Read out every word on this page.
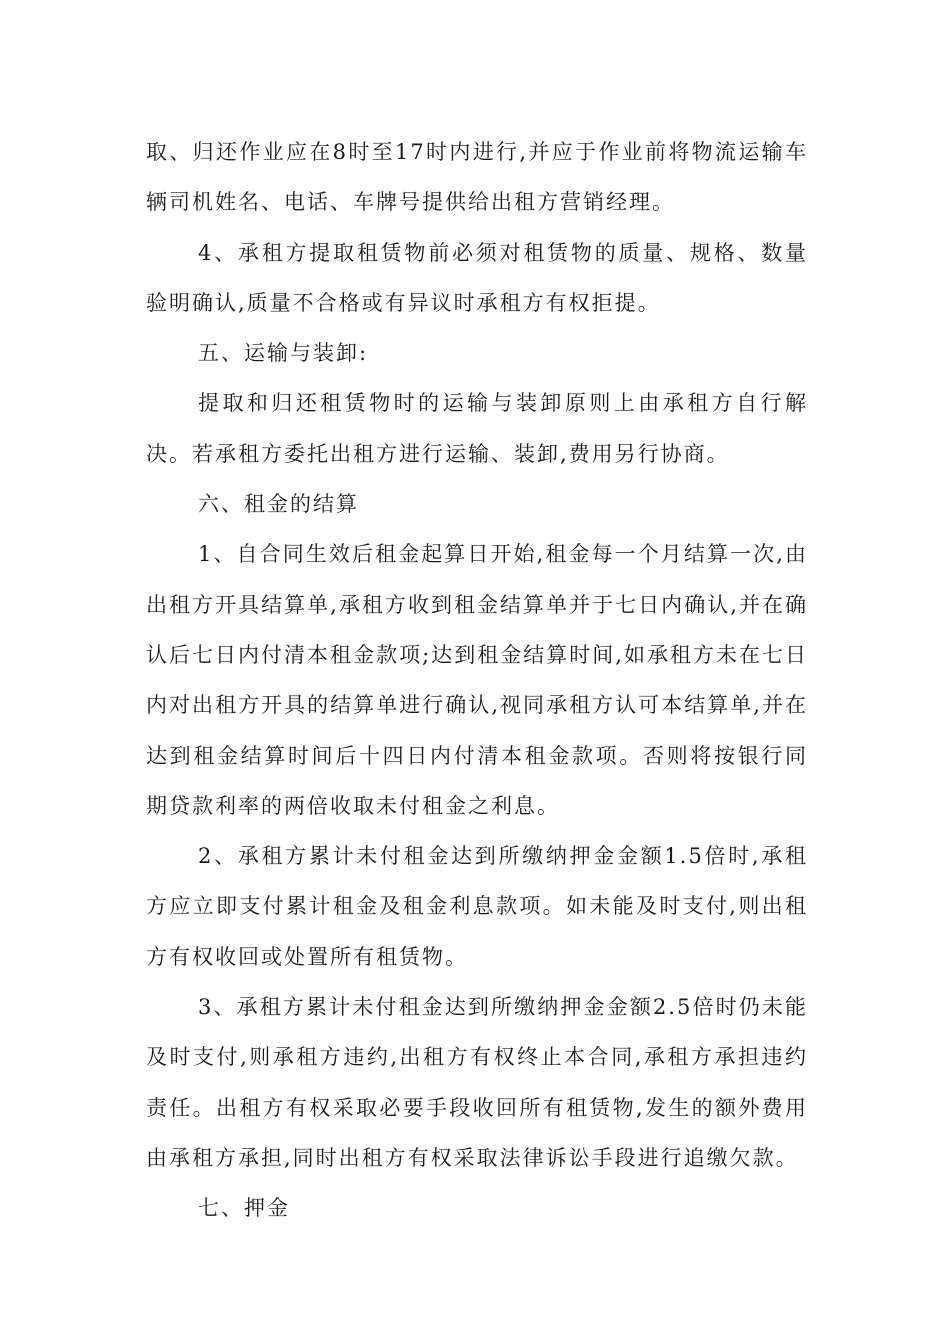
取、归还作业应在8时至17时内进行,并应于作业前将物流运输车辆司机姓名、电话、车牌号提供给出租方营销经理。

4、承租方提取租赁物前必须对租赁物的质量、规格、数量验明确认,质量不合格或有异议时承租方有权拒提。

五、运输与装卸:

提取和归还租赁物时的运输与装卸原则上由承租方自行解决。若承租方委托出租方进行运输、装卸,费用另行协商。

六、租金的结算

1、自合同生效后租金起算日开始,租金每一个月结算一次,由出租方开具结算单,承租方收到租金结算单并于七日内确认,并在确认后七日内付清本租金款项;达到租金结算时间,如承租方未在七日内对出租方开具的结算单进行确认,视同承租方认可本结算单,并在达到租金结算时间后十四日内付清本租金款项。否则将按银行同期贷款利率的两倍收取未付租金之利息。

2、承租方累计未付租金达到所缴纳押金金额1.5倍时,承租方应立即支付累计租金及租金利息款项。如未能及时支付,则出租方有权收回或处置所有租赁物。

3、承租方累计未付租金达到所缴纳押金金额2.5倍时仍未能及时支付,则承租方违约,出租方有权终止本合同,承租方承担违约责任。出租方有权采取必要手段收回所有租赁物,发生的额外费用由承租方承担,同时出租方有权采取法律诉讼手段进行追缴欠款。

七、押金
